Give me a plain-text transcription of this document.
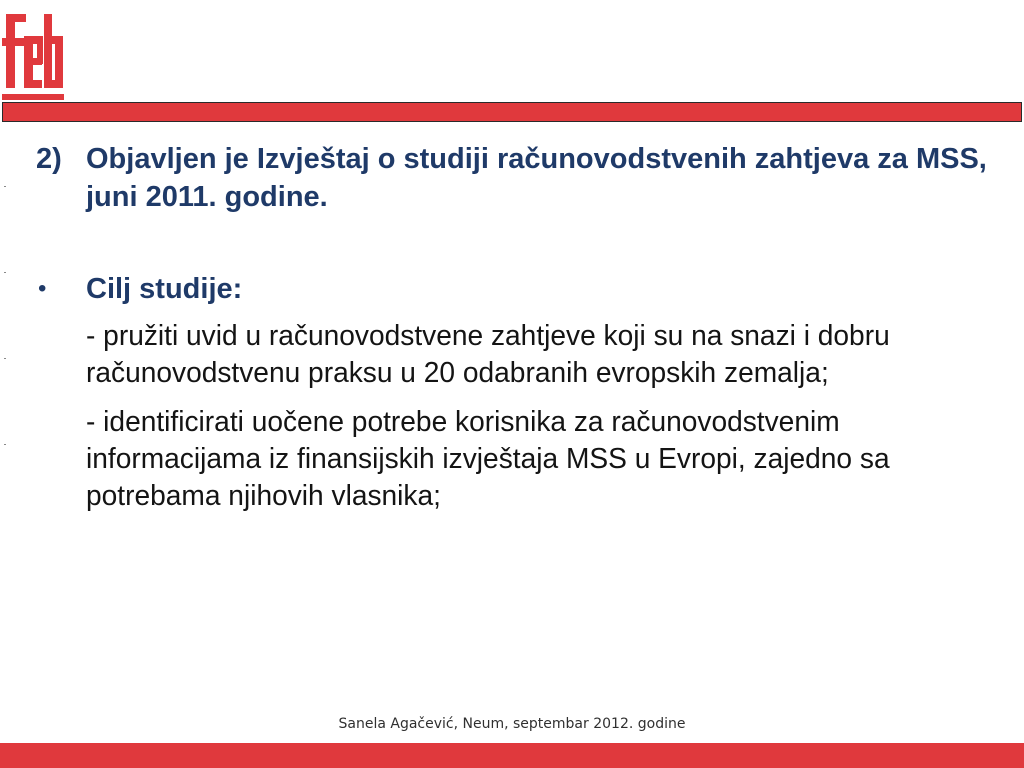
2) Objavljen je Izvještaj o studiji računovodstvenih zahtjeva za MSS, juni 2011. godine.
•	Cilj studije:
- pružiti uvid u računovodstvene zahtjeve koji su na snazi i dobru računovodstvenu praksu u 20 odabranih evropskih zemalja;
- identificirati uočene potrebe korisnika za računovodstvenim informacijama iz finansijskih izvještaja MSS u Evropi, zajedno sa potrebama njihovih vlasnika;
Sanela Agačević, Neum, septembar 2012. godine
